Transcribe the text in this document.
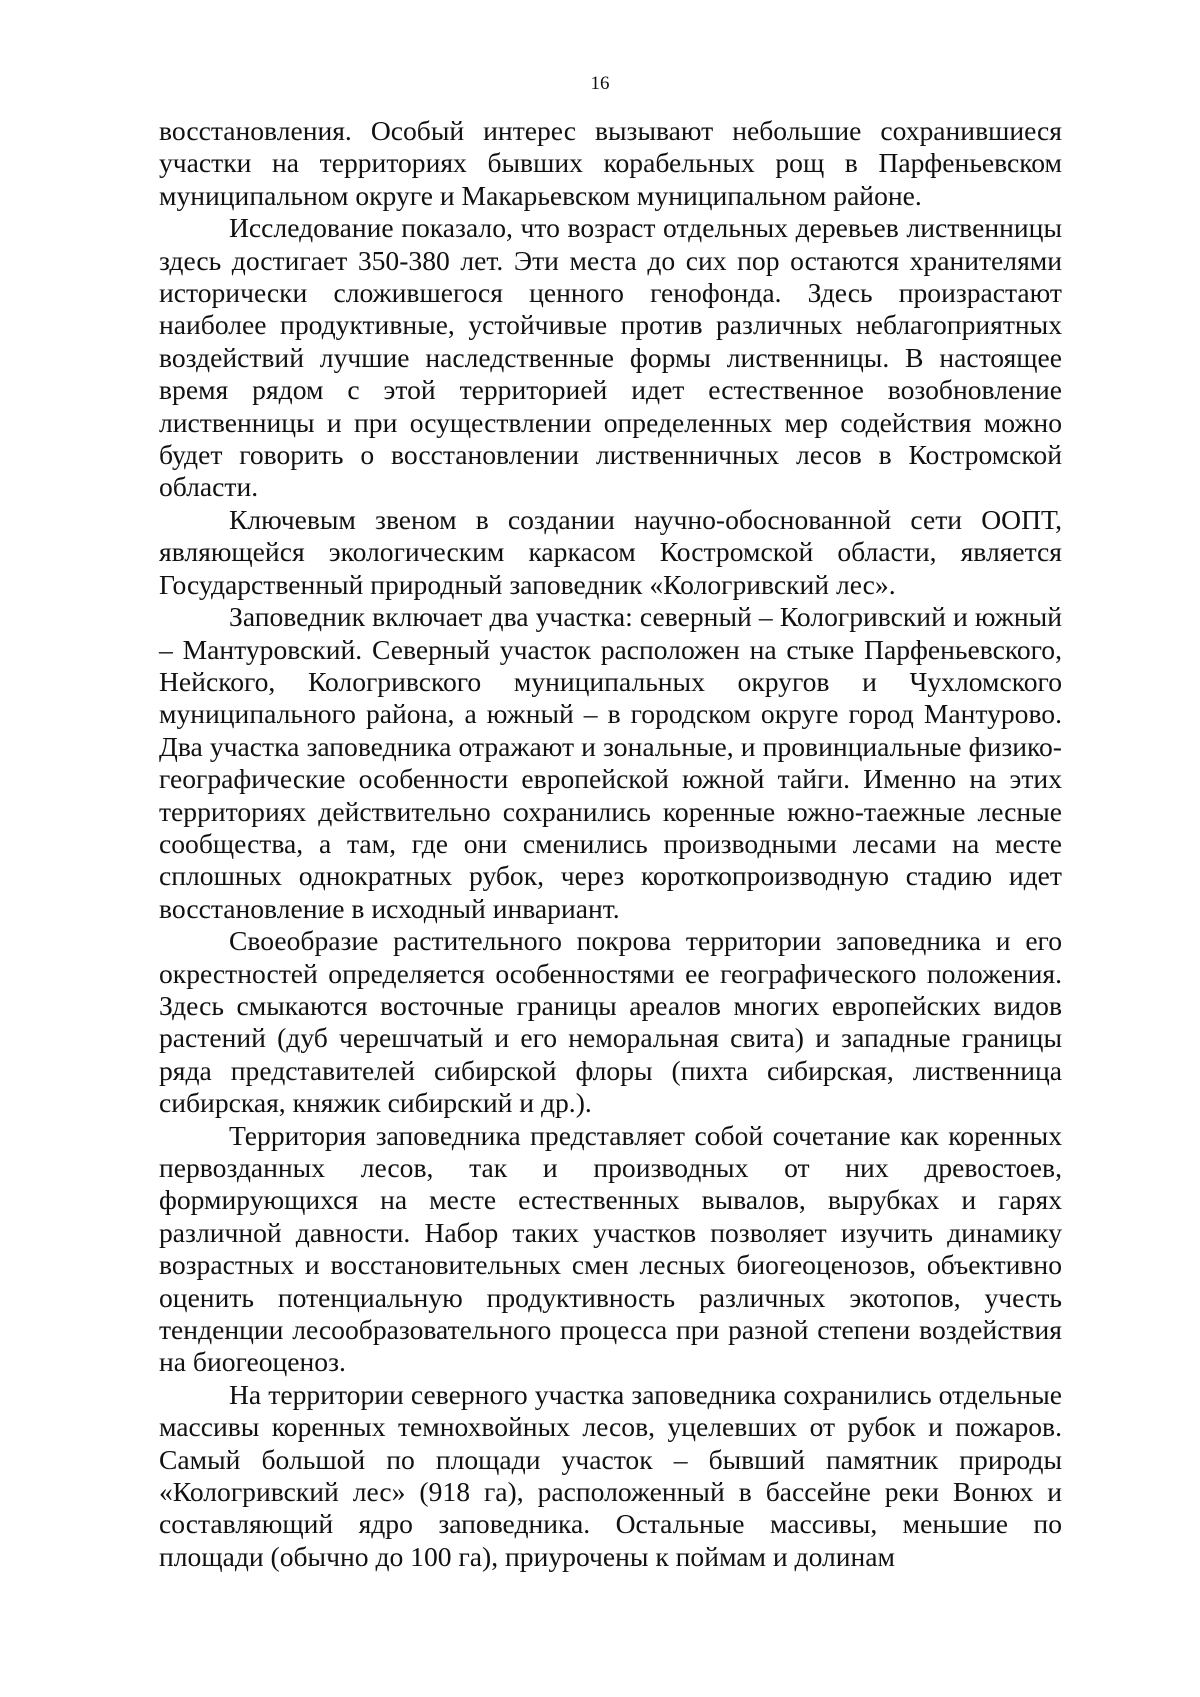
16

восстановления. Особый интерес вызывают небольшие сохранившиеся участки на территориях бывших корабельных рощ в Парфеньевском муниципальном округе и Макарьевском муниципальном районе.

Исследование показало, что возраст отдельных деревьев лиственницы здесь достигает 350-380 лет. Эти места до сих пор остаются хранителями исторически сложившегося ценного генофонда. Здесь произрастают наиболее продуктивные, устойчивые против различных неблагоприятных воздействий лучшие наследственные формы лиственницы. В настоящее время рядом с этой территорией идет естественное возобновление лиственницы и при осуществлении определенных мер содействия можно будет говорить о восстановлении лиственничных лесов в Костромской области.

Ключевым звеном в создании научно-обоснованной сети ООПТ, являющейся экологическим каркасом Костромской области, является Государственный природный заповедник «Кологривский лес».

Заповедник включает два участка: северный – Кологривский и южный – Мантуровский. Северный участок расположен на стыке Парфеньевского, Нейского, Кологривского муниципальных округов и Чухломского муниципального района, а южный – в городском округе город Мантурово. Два участка заповедника отражают и зональные, и провинциальные физико-географические особенности европейской южной тайги. Именно на этих территориях действительно сохранились коренные южно-таежные лесные сообщества, а там, где они сменились производными лесами на месте сплошных однократных рубок, через короткопроизводную стадию идет восстановление в исходный инвариант.

Своеобразие растительного покрова территории заповедника и его окрестностей определяется особенностями ее географического положения. Здесь смыкаются восточные границы ареалов многих европейских видов растений (дуб черешчатый и его неморальная свита) и западные границы ряда представителей сибирской флоры (пихта сибирская, лиственница сибирская, княжик сибирский и др.).

Территория заповедника представляет собой сочетание как коренных первозданных лесов, так и производных от них древостоев, формирующихся на месте естественных вывалов, вырубках и гарях различной давности. Набор таких участков позволяет изучить динамику возрастных и восстановительных смен лесных биогеоценозов, объективно оценить потенциальную продуктивность различных экотопов, учесть тенденции лесообразовательного процесса при разной степени воздействия на биогеоценоз.

На территории северного участка заповедника сохранились отдельные массивы коренных темнохвойных лесов, уцелевших от рубок и пожаров. Самый большой по площади участок – бывший памятник природы «Кологривский лес» (918 га), расположенный в бассейне реки Вонюх и составляющий ядро заповедника. Остальные массивы, меньшие по площади (обычно до 100 га), приурочены к поймам и долинам
